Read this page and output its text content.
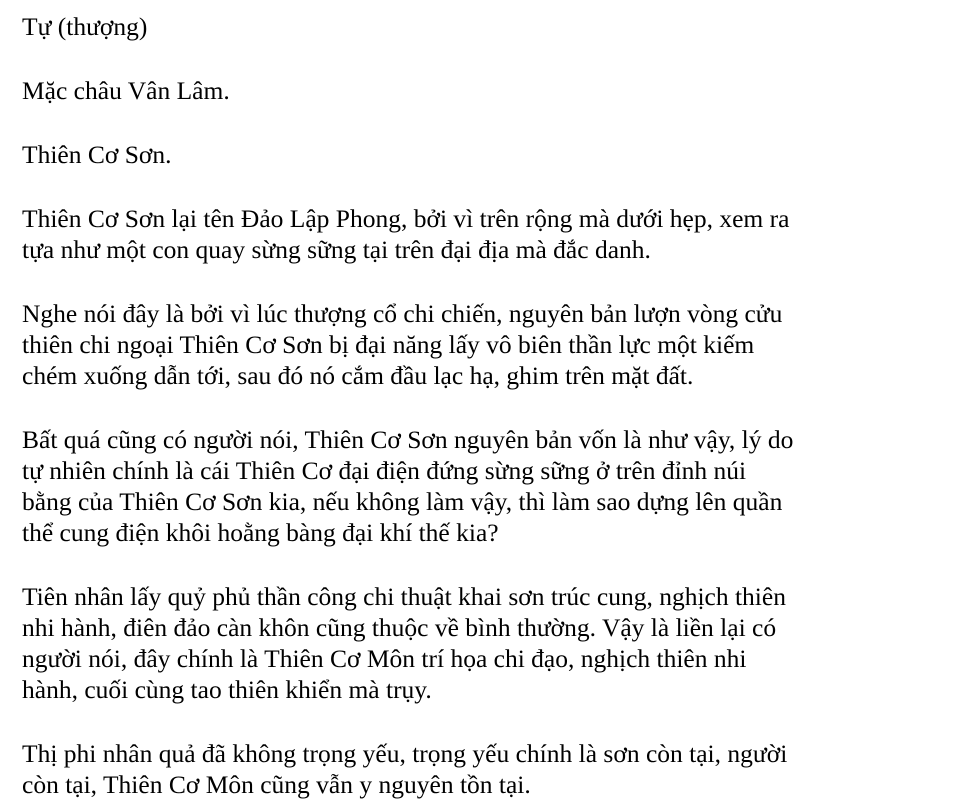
Tự (thượng)

Mặc châu Vân Lâm.

Thiên Cơ Sơn.

Thiên Cơ Sơn lại tên Đảo Lập Phong, bởi vì trên rộng mà dưới hẹp, xem ra
tựa như một con quay sừng sững tại trên đại địa mà đắc danh.

Nghe nói đây là bởi vì lúc thượng cổ chi chiến, nguyên bản lượn vòng cửu
thiên chi ngoại Thiên Cơ Sơn bị đại năng lấy vô biên thần lực một kiếm
chém xuống dẫn tới, sau đó nó cắm đầu lạc hạ, ghim trên mặt đất.

Bất quá cũng có người nói, Thiên Cơ Sơn nguyên bản vốn là như vậy, lý do
tự nhiên chính là cái Thiên Cơ đại điện đứng sừng sững ở trên đỉnh núi
bằng của Thiên Cơ Sơn kia, nếu không làm vậy, thì làm sao dựng lên quần
thể cung điện khôi hoằng bàng đại khí thế kia?

Tiên nhân lấy quỷ phủ thần công chi thuật khai sơn trúc cung, nghịch thiên
nhi hành, điên đảo càn khôn cũng thuộc về bình thường. Vậy là liền lại có
người nói, đây chính là Thiên Cơ Môn trí họa chi đạo, nghịch thiên nhi
hành, cuối cùng tao thiên khiển mà trụy.

Thị phi nhân quả đã không trọng yếu, trọng yếu chính là sơn còn tại, người
còn tại, Thiên Cơ Môn cũng vẫn y nguyên tồn tại.
